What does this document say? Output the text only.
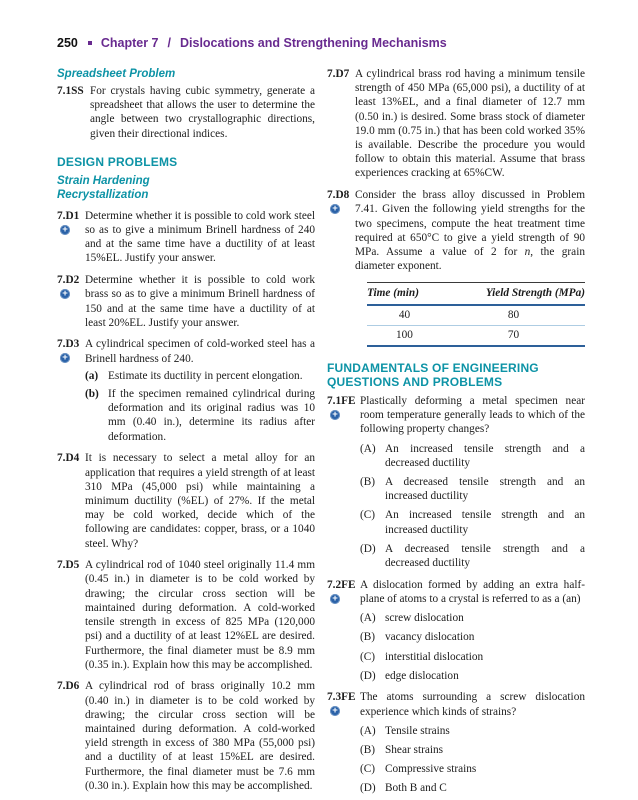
250 Chapter 7 / Dislocations and Strengthening Mechanisms
Spreadsheet Problem
7.1SS For crystals having cubic symmetry, generate a spreadsheet that allows the user to determine the angle between two crystallographic directions, given their directional indices.
DESIGN PROBLEMS
Strain Hardening
Recrystallization
7.D1
+
Determine whether it is possible to cold work steel so as to give a minimum Brinell hardness of 240 and at the same time have a ductility of at least 15%EL. Justify your answer.
7.D2
+
Determine whether it is possible to cold work brass so as to give a minimum Brinell hardness of 150 and at the same time have a ductility of at least 20%EL. Justify your answer.
7.D3
+
A cylindrical specimen of cold-worked steel has a Brinell hardness of 240.
(a) Estimate its ductility in percent elongation.
(b) If the specimen remained cylindrical during deformation and its original radius was 10 mm (0.40 in.), determine its radius after deformation.
7.D4 It is necessary to select a metal alloy for an application that requires a yield strength of at least 310 MPa (45,000 psi) while maintaining a minimum ductility (%EL) of 27%. If the metal may be cold worked, decide which of the following are candidates: copper, brass, or a 1040 steel. Why?
7.D5 A cylindrical rod of 1040 steel originally 11.4 mm (0.45 in.) in diameter is to be cold worked by drawing; the circular cross section will be maintained during deformation. A cold-worked tensile strength in excess of 825 MPa (120,000 psi) and a ductility of at least 12%EL are desired. Furthermore, the final diameter must be 8.9 mm (0.35 in.). Explain how this may be accomplished.
7.D6 A cylindrical rod of brass originally 10.2 mm (0.40 in.) in diameter is to be cold worked by drawing; the circular cross section will be maintained during deformation. A cold-worked yield strength in excess of 380 MPa (55,000 psi) and a ductility of at least 15%EL are desired. Furthermore, the final diameter must be 7.6 mm (0.30 in.). Explain how this may be accomplished.
7.D7 A cylindrical brass rod having a minimum tensile strength of 450 MPa (65,000 psi), a ductility of at least 13%EL, and a final diameter of 12.7 mm (0.50 in.) is desired. Some brass stock of diameter 19.0 mm (0.75 in.) that has been cold worked 35% is available. Describe the procedure you would follow to obtain this material. Assume that brass experiences cracking at 65%CW.
7.D8
+
Consider the brass alloy discussed in Problem 7.41. Given the following yield strengths for the two specimens, compute the heat treatment time required at 650°C to give a yield strength of 90 MPa. Assume a value of 2 for n, the grain diameter exponent.
Time (min)	Yield Strength (MPa)
40	80
100	70
FUNDAMENTALS OF ENGINEERING
QUESTIONS AND PROBLEMS
7.1FE
+
Plastically deforming a metal specimen near room temperature generally leads to which of the following property changes?
(A) An increased tensile strength and a decreased ductility
(B) A decreased tensile strength and an increased ductility
(C) An increased tensile strength and an increased ductility
(D) A decreased tensile strength and a decreased ductility
7.2FE
+
A dislocation formed by adding an extra half-plane of atoms to a crystal is referred to as a (an)
(A) screw dislocation
(B) vacancy dislocation
(C) interstitial dislocation
(D) edge dislocation
7.3FE
+
The atoms surrounding a screw dislocation experience which kinds of strains?
(A) Tensile strains
(B) Shear strains
(C) Compressive strains
(D) Both B and C
